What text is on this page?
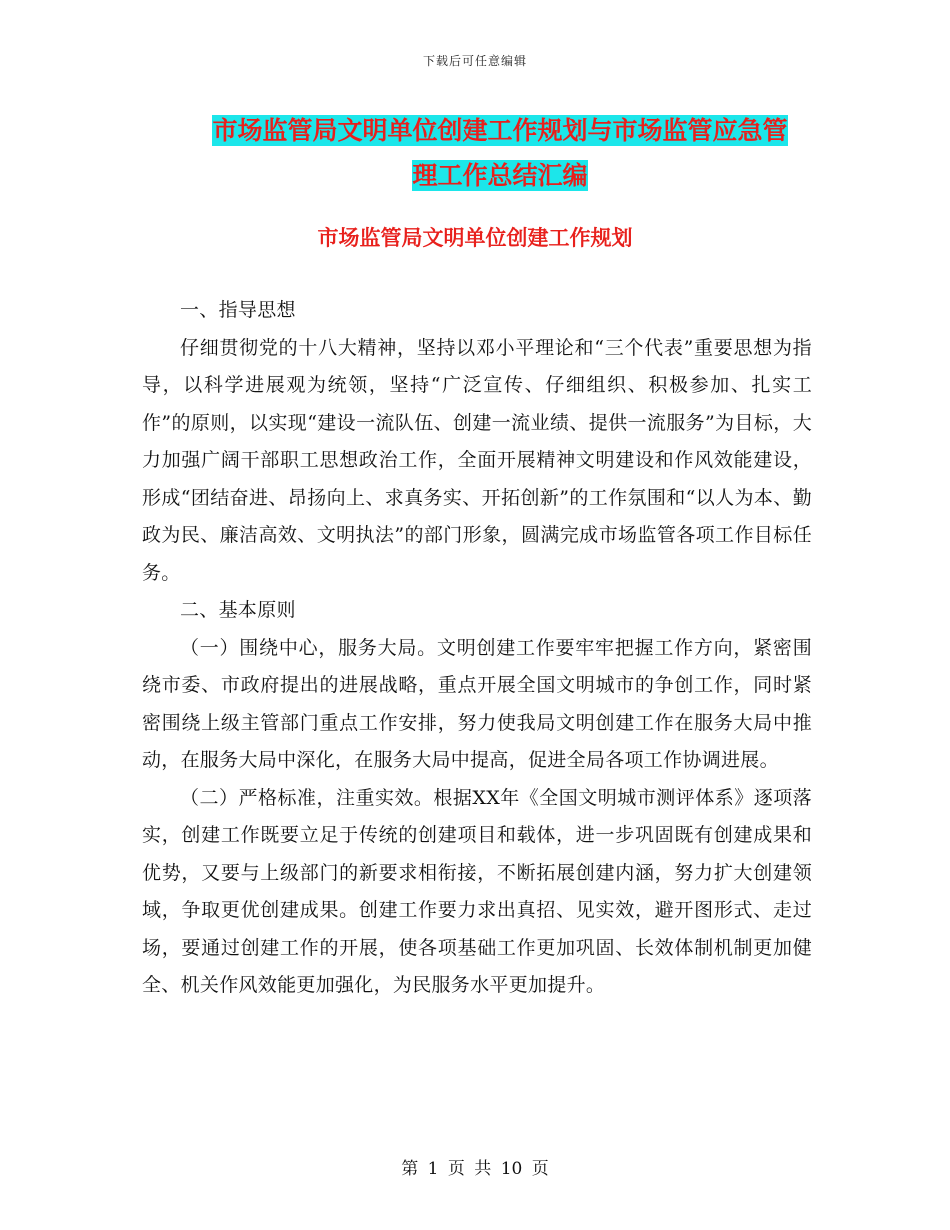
下载后可任意编辑
市场监管局文明单位创建工作规划与市场监管应急管
理工作总结汇编
市场监管局文明单位创建工作规划

一、指导思想

仔细贯彻党的十八大精神，坚持以邓小平理论和“三个代表”重要思想为指导，以科学进展观为统领，坚持“广泛宣传、仔细组织、积极参加、扎实工作”的原则，以实现“建设一流队伍、创建一流业绩、提供一流服务”为目标，大力加强广阔干部职工思想政治工作，全面开展精神文明建设和作风效能建设，形成“团结奋进、昂扬向上、求真务实、开拓创新”的工作氛围和“以人为本、勤政为民、廉洁高效、文明执法”的部门形象，圆满完成市场监管各项工作目标任务。

二、基本原则

（一）围绕中心，服务大局。文明创建工作要牢牢把握工作方向，紧密围绕市委、市政府提出的进展战略，重点开展全国文明城市的争创工作，同时紧密围绕上级主管部门重点工作安排，努力使我局文明创建工作在服务大局中推动，在服务大局中深化，在服务大局中提高，促进全局各项工作协调进展。

（二）严格标准，注重实效。根据XX年《全国文明城市测评体系》逐项落实，创建工作既要立足于传统的创建项目和载体，进一步巩固既有创建成果和优势，又要与上级部门的新要求相衔接，不断拓展创建内涵，努力扩大创建领域，争取更优创建成果。创建工作要力求出真招、见实效，避开图形式、走过场，要通过创建工作的开展，使各项基础工作更加巩固、长效体制机制更加健全、机关作风效能更加强化，为民服务水平更加提升。

第 1 页 共 10 页
